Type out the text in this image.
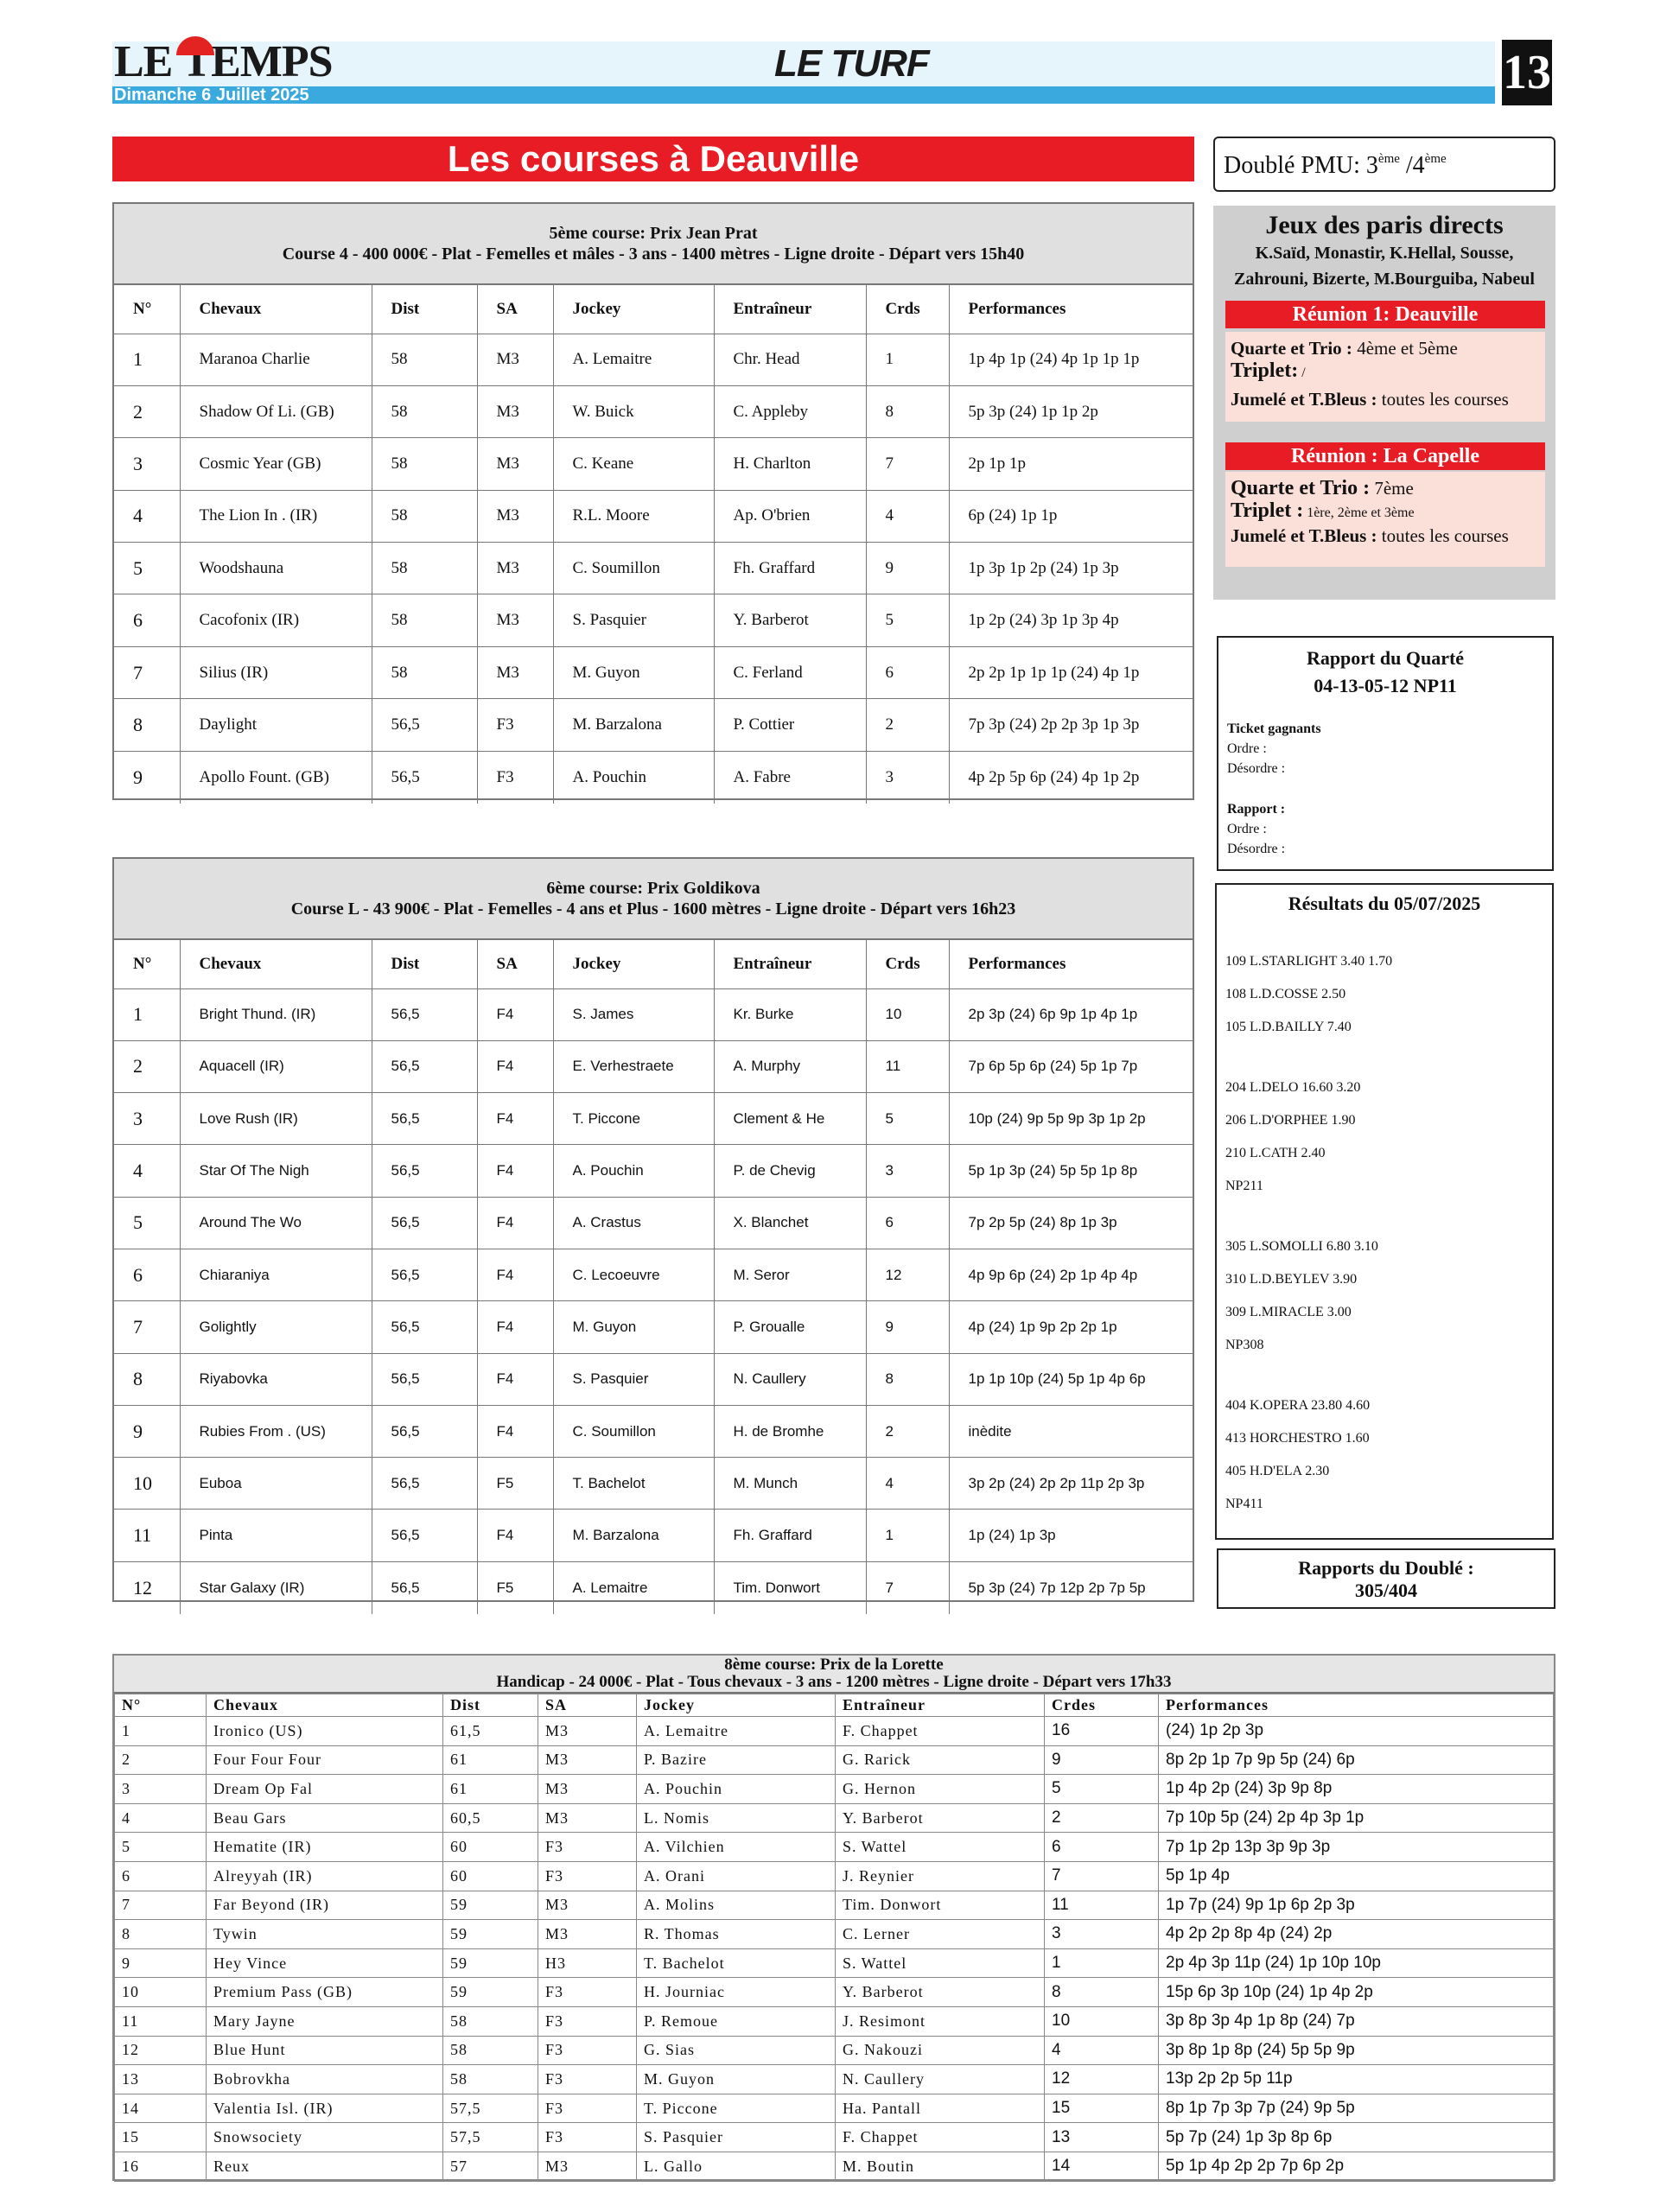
LE TEMPS
Dimanche 6 Juillet 2025
LE TURF	13
Les courses à Deauville
5ème course: Prix Jean Prat
Course 4 - 400 000€ - Plat - Femelles et mâles - 3 ans - 1400 mètres - Ligne droite - Départ vers 15h40
N°	Chevaux	Dist	SA	Jockey	Entraîneur	Crds	Performances
1	Maranoa Charlie	58	M3	A. Lemaitre	Chr. Head	1	1p 4p 1p (24) 4p 1p 1p 1p
2	Shadow Of Li. (GB)	58	M3	W. Buick	C. Appleby	8	5p 3p (24) 1p 1p 2p
3	Cosmic Year (GB)	58	M3	C. Keane	H. Charlton	7	2p 1p 1p
4	The Lion In . (IR)	58	M3	R.L. Moore	Ap. O'brien	4	6p (24) 1p 1p
5	Woodshauna	58	M3	C. Soumillon	Fh. Graffard	9	1p 3p 1p 2p (24) 1p 3p
6	Cacofonix (IR)	58	M3	S. Pasquier	Y. Barberot	5	1p 2p (24) 3p 1p 3p 4p
7	Silius (IR)	58	M3	M. Guyon	C. Ferland	6	2p 2p 1p 1p 1p (24) 4p 1p
8	Daylight	56,5	F3	M. Barzalona	P. Cottier	2	7p 3p (24) 2p 2p 3p 1p 3p
9	Apollo Fount. (GB)	56,5	F3	A. Pouchin	A. Fabre	3	4p 2p 5p 6p (24) 4p 1p 2p
6ème course: Prix Goldikova
Course L - 43 900€ - Plat - Femelles - 4 ans et Plus - 1600 mètres - Ligne droite - Départ vers 16h23
N°	Chevaux	Dist	SA	Jockey	Entraîneur	Crds	Performances
1	Bright Thund. (IR)	56,5	F4	S. James	Kr. Burke	10	2p 3p (24) 6p 9p 1p 4p 1p
2	Aquacell (IR)	56,5	F4	E. Verhestraete	A. Murphy	11	7p 6p 5p 6p (24) 5p 1p 7p
3	Love Rush (IR)	56,5	F4	T. Piccone	Clement & He	5	10p (24) 9p 5p 9p 3p 1p 2p
4	Star Of The Nigh	56,5	F4	A. Pouchin	P. de Chevig	3	5p 1p 3p (24) 5p 5p 1p 8p
5	Around The Wo	56,5	F4	A. Crastus	X. Blanchet	6	7p 2p 5p (24) 8p 1p 3p
6	Chiaraniya	56,5	F4	C. Lecoeuvre	M. Seror	12	4p 9p 6p (24) 2p 1p 4p 4p
7	Golightly	56,5	F4	M. Guyon	P. Groualle	9	4p (24) 1p 9p 2p 2p 1p
8	Riyabovka	56,5	F4	S. Pasquier	N. Caullery	8	1p 1p 10p (24) 5p 1p 4p 6p
9	Rubies From . (US)	56,5	F4	C. Soumillon	H. de Bromhe	2	inèdite
10	Euboa	56,5	F5	T. Bachelot	M. Munch	4	3p 2p (24) 2p 2p 11p 2p 3p
11	Pinta	56,5	F4	M. Barzalona	Fh. Graffard	1	1p (24) 1p 3p
12	Star Galaxy (IR)	56,5	F5	A. Lemaitre	Tim. Donwort	7	5p 3p (24) 7p 12p 2p 7p 5p
8ème course: Prix de la Lorette
Handicap - 24 000€ - Plat - Tous chevaux - 3 ans - 1200 mètres - Ligne droite - Départ vers 17h33
N°	Chevaux	Dist	SA	Jockey	Entraîneur	Crdes	Performances
1	Ironico (US)	61,5	M3	A. Lemaitre	F. Chappet	16	(24) 1p 2p 3p
2	Four Four Four	61	M3	P. Bazire	G. Rarick	9	8p 2p 1p 7p 9p 5p (24) 6p
3	Dream Op Fal	61	M3	A. Pouchin	G. Hernon	5	1p 4p 2p (24) 3p 9p 8p
4	Beau Gars	60,5	M3	L. Nomis	Y. Barberot	2	7p 10p 5p (24) 2p 4p 3p 1p
5	Hematite (IR)	60	F3	A. Vilchien	S. Wattel	6	7p 1p 2p 13p 3p 9p 3p
6	Alreyyah (IR)	60	F3	A. Orani	J. Reynier	7	5p 1p 4p
7	Far Beyond (IR)	59	M3	A. Molins	Tim. Donwort	11	1p 7p (24) 9p 1p 6p 2p 3p
8	Tywin	59	M3	R. Thomas	C. Lerner	3	4p 2p 2p 8p 4p (24) 2p
9	Hey Vince	59	H3	T. Bachelot	S. Wattel	1	2p 4p 3p 11p (24) 1p 10p 10p
10	Premium Pass (GB)	59	F3	H. Journiac	Y. Barberot	8	15p 6p 3p 10p (24) 1p 4p 2p
11	Mary Jayne	58	F3	P. Remoue	J. Resimont	10	3p 8p 3p 4p 1p 8p (24) 7p
12	Blue Hunt	58	F3	G. Sias	G. Nakouzi	4	3p 8p 1p 8p (24) 5p 5p 9p
13	Bobrovkha	58	F3	M. Guyon	N. Caullery	12	13p 2p 2p 5p 11p
14	Valentia Isl. (IR)	57,5	F3	T. Piccone	Ha. Pantall	15	8p 1p 7p 3p 7p (24) 9p 5p
15	Snowsociety	57,5	F3	S. Pasquier	F. Chappet	13	5p 7p (24) 1p 3p 8p 6p
16	Reux	57	M3	L. Gallo	M. Boutin	14	5p 1p 4p 2p 2p 7p 6p 2p
Doublé PMU: 3ème /4ème
Jeux des paris directs
K.Saïd, Monastir, K.Hellal, Sousse, Zahrouni, Bizerte, M.Bourguiba, Nabeul
Réunion 1: Deauville
Quarte et Trio : 4ème et 5ème
Triplet: /
Jumelé et T.Bleus : toutes les courses
Réunion : La Capelle
Quarte et Trio : 7ème
Triplet : 1ère, 2ème et 3ème
Jumelé et T.Bleus : toutes les courses
Rapport du Quarté
04-13-05-12 NP11
Ticket gagnants
Ordre :
Désordre :
Rapport :
Ordre :
Désordre :
Résultats du 05/07/2025
109 L.STARLIGHT 3.40 1.70
108 L.D.COSSE 2.50
105 L.D.BAILLY 7.40
204 L.DELO 16.60 3.20
206 L.D'ORPHEE 1.90
210 L.CATH 2.40
NP211
305 L.SOMOLLI 6.80 3.10
310 L.D.BEYLEV 3.90
309 L.MIRACLE 3.00
NP308
404 K.OPERA 23.80 4.60
413 HORCHESTRO 1.60
405 H.D'ELA 2.30
NP411
Rapports du Doublé :
305/404
